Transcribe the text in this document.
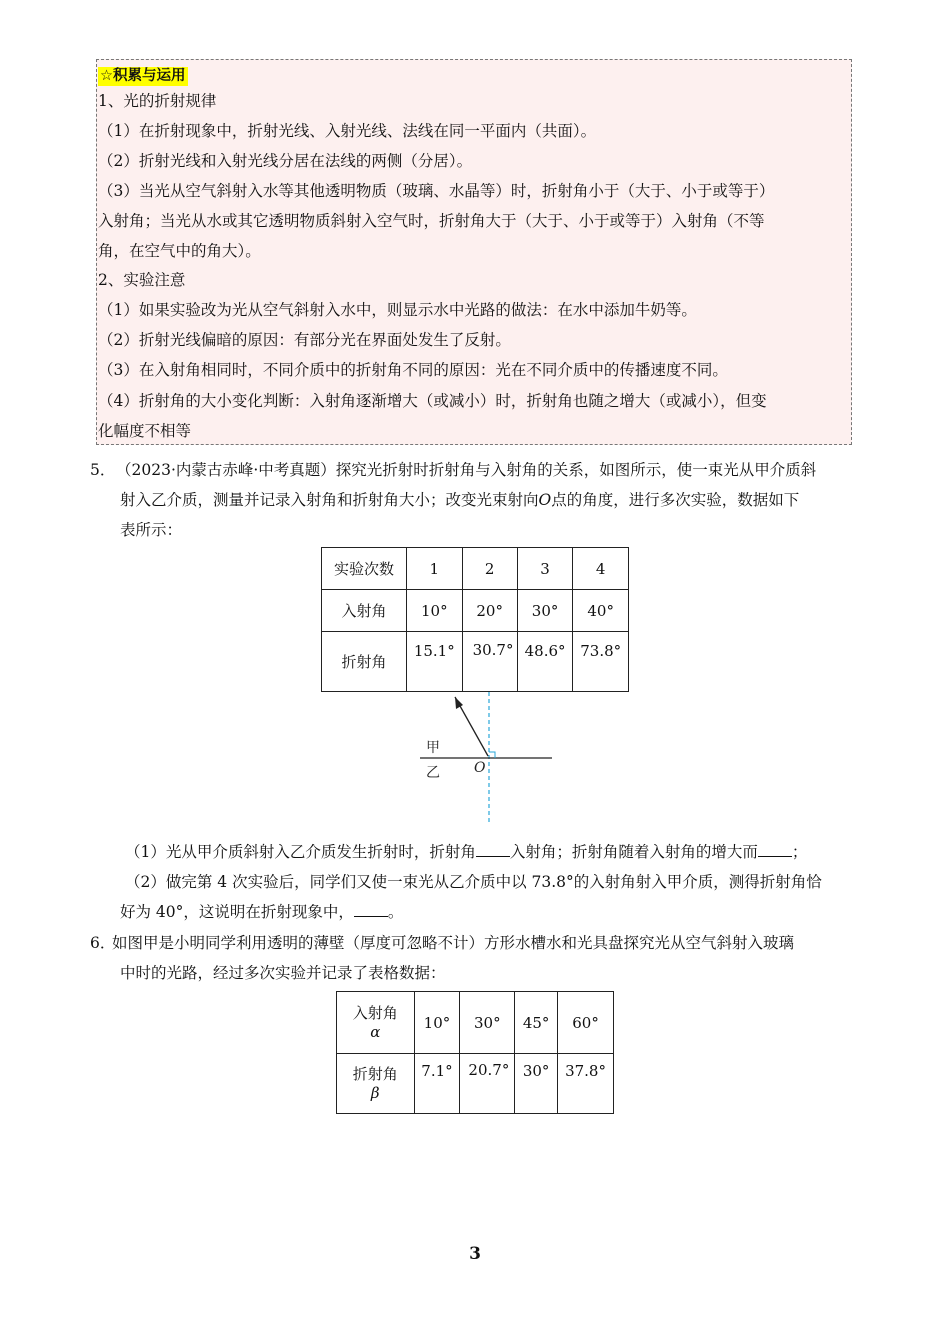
☆积累与运用
1、光的折射规律
（1）在折射现象中，折射光线、入射光线、法线在同一平面内（共面）。
（2）折射光线和入射光线分居在法线的两侧（分居）。
（3）当光从空气斜射入水等其他透明物质（玻璃、水晶等）时，折射角小于（大于、小于或等于）
入射角；当光从水或其它透明物质斜射入空气时，折射角大于（大于、小于或等于）入射角（不等
角，在空气中的角大）。
2、实验注意
（1）如果实验改为光从空气斜射入水中，则显示水中光路的做法：在水中添加牛奶等。
（2）折射光线偏暗的原因：有部分光在界面处发生了反射。
（3）在入射角相同时，不同介质中的折射角不同的原因：光在不同介质中的传播速度不同。
（4）折射角的大小变化判断：入射角逐渐增大（或减小）时，折射角也随之增大（或减小），但变
化幅度不相等
5． （2023·内蒙古赤峰·中考真题）探究光折射时折射角与入射角的关系，如图所示，使一束光从甲介质斜
射入乙介质，测量并记录入射角和折射角大小；改变光束射向O点的角度，进行多次实验，数据如下
表所示：
实验次数	1	2	3	4
入射角	10°	20°	30°	40°
折射角	15.1°	30.7°	48.6°	73.8°
甲
乙 O
（1）光从甲介质斜射入乙介质发生折射时，折射角 入射角；折射角随着入射角的增大而 ；
（2）做完第 4 次实验后，同学们又使一束光从乙介质中以 73.8°的入射角射入甲介质，测得折射角恰
好为 40°，这说明在折射现象中， 。
6．
如图甲是小明同学利用透明的薄壁（厚度可忽略不计）方形水槽水和光具盘探究光从空气斜射入玻璃
中时的光路，经过多次实验并记录了表格数据：
入射角
α	10°	30°	45°	60°
折射角
β	7.1°	20.7°	30°	37.8°
3
